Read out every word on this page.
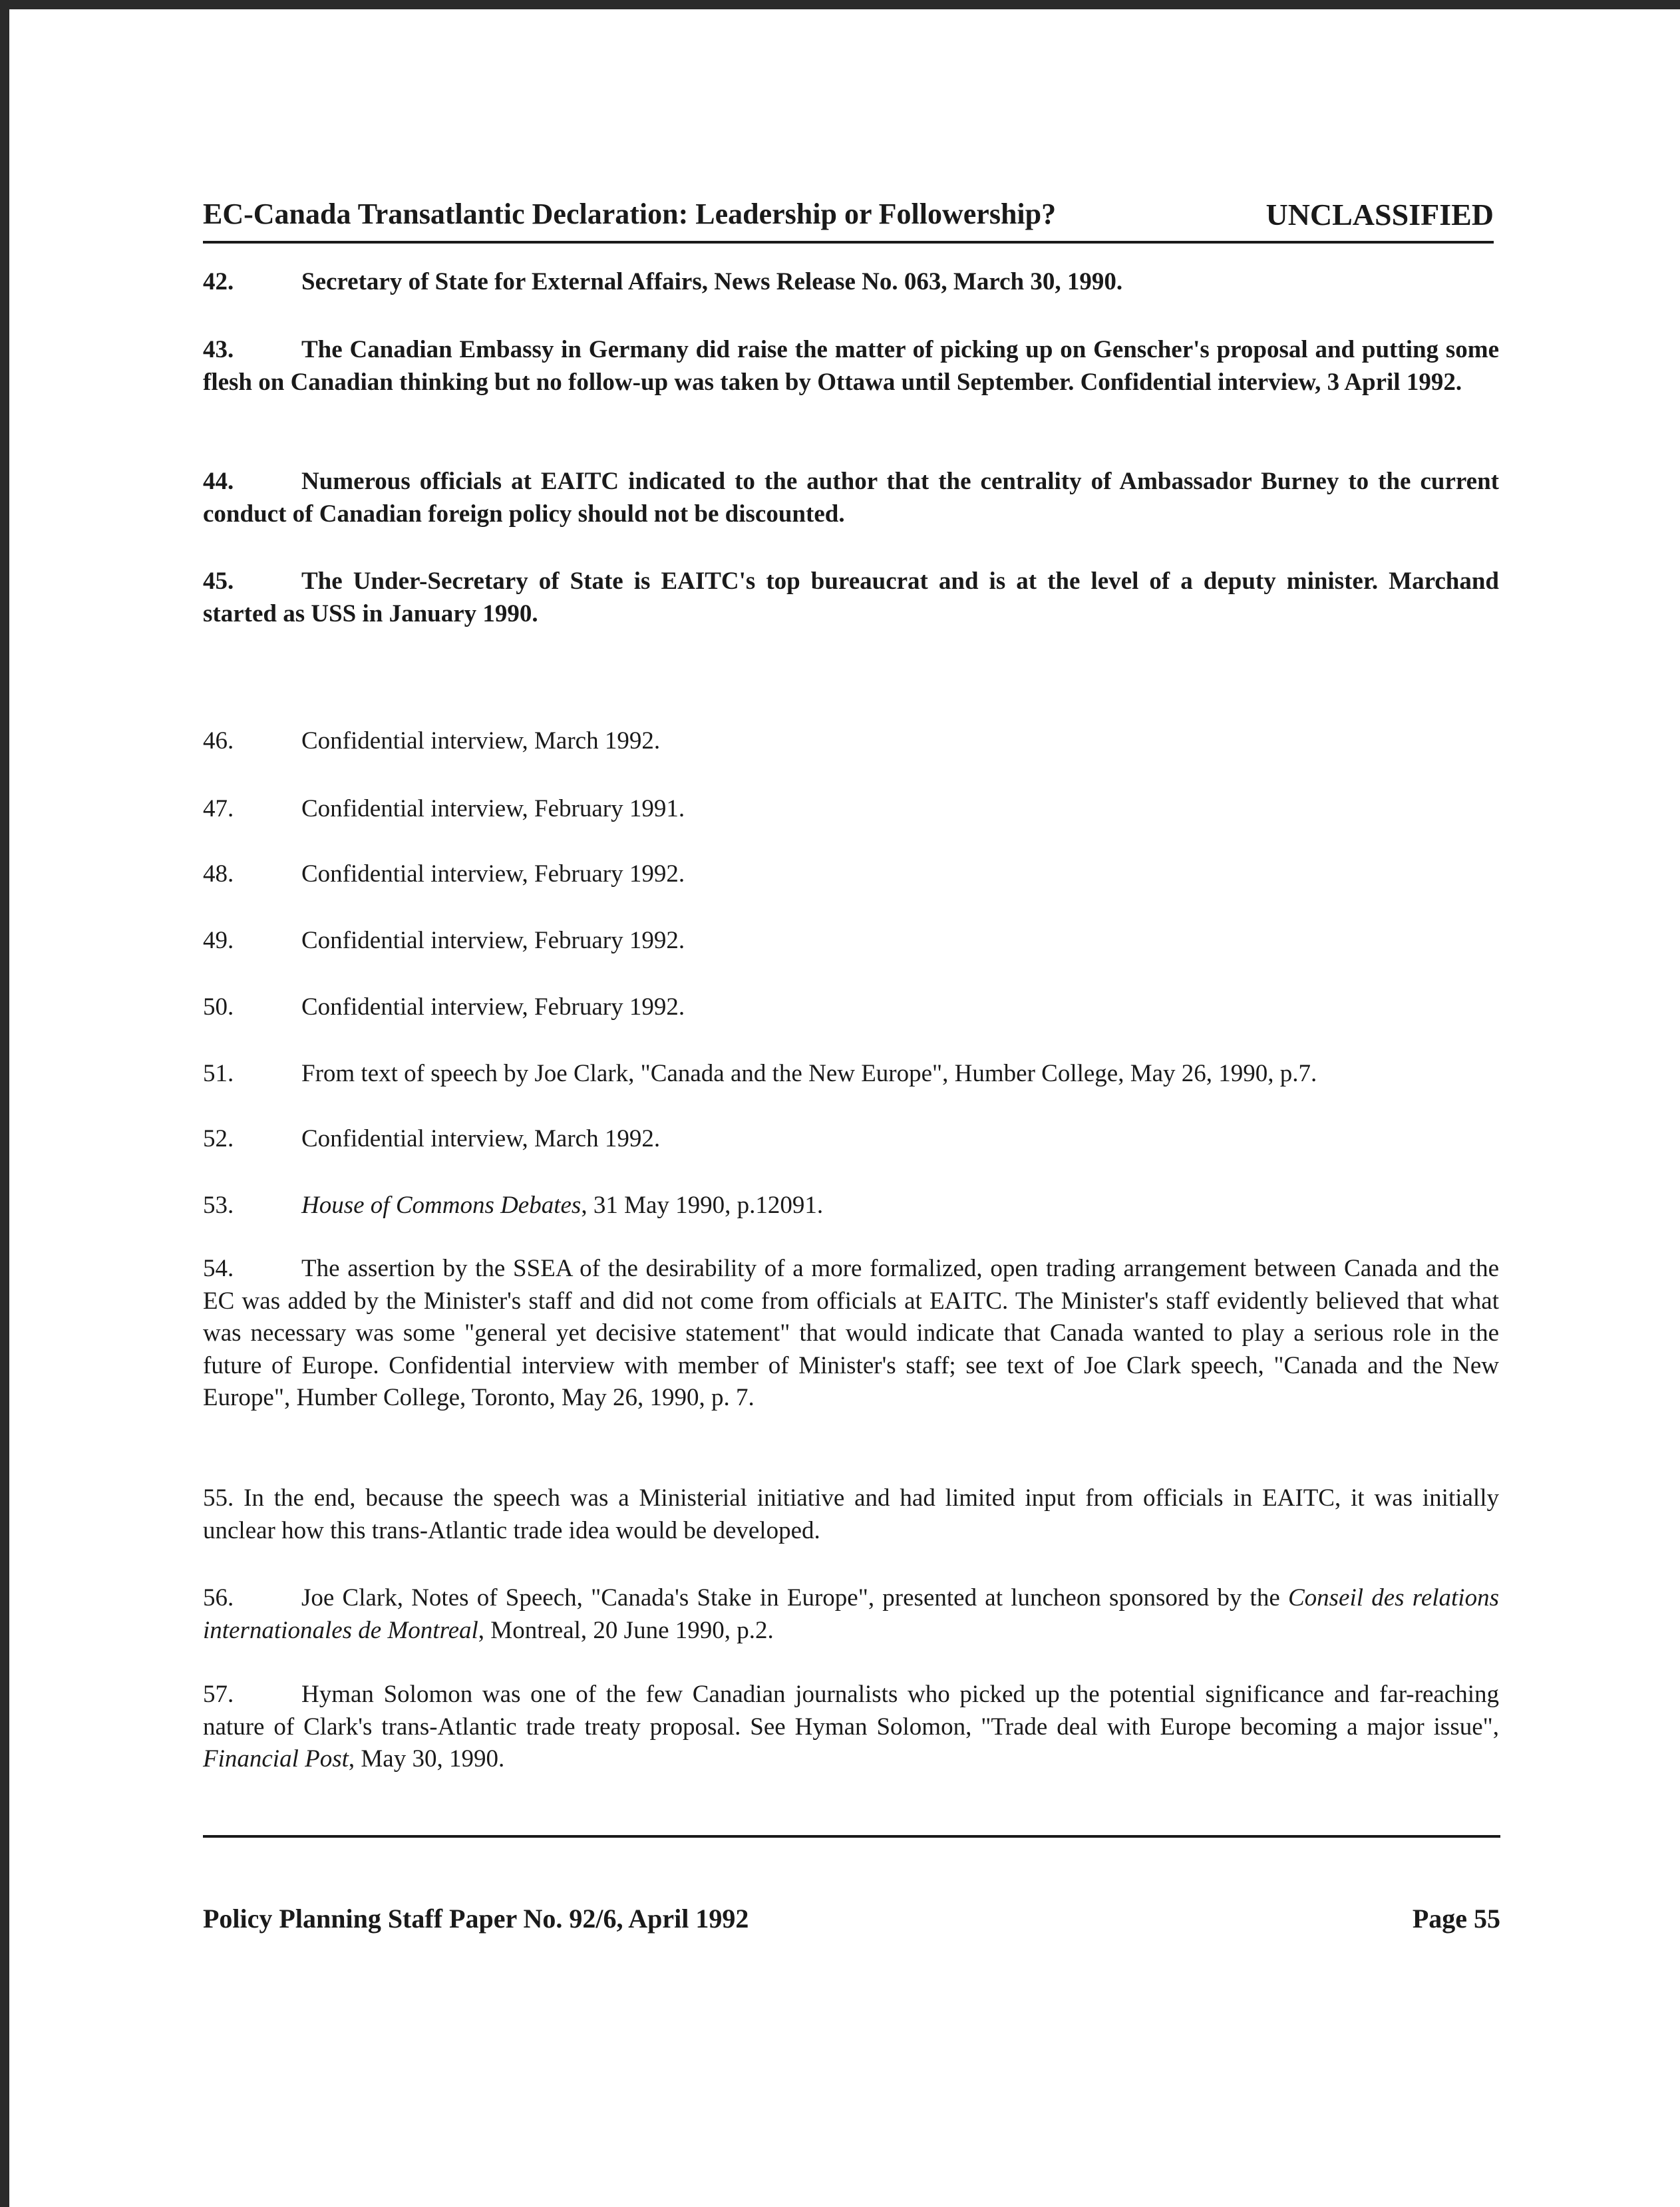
EC-Canada Transatlantic Declaration: Leadership or Followership?	UNCLASSIFIED
42.	Secretary of State for External Affairs, News Release No. 063, March 30, 1990.
43.	The Canadian Embassy in Germany did raise the matter of picking up on Genscher's proposal and putting some flesh on Canadian thinking but no follow-up was taken by Ottawa until September. Confidential interview, 3 April 1992.
44.	Numerous officials at EAITC indicated to the author that the centrality of Ambassador Burney to the current conduct of Canadian foreign policy should not be discounted.
45.	The Under-Secretary of State is EAITC's top bureaucrat and is at the level of a deputy minister. Marchand started as USS in January 1990.
46.	Confidential interview, March 1992.
47.	Confidential interview, February 1991.
48.	Confidential interview, February 1992.
49.	Confidential interview, February 1992.
50.	Confidential interview, February 1992.
51.	From text of speech by Joe Clark, "Canada and the New Europe", Humber College, May 26, 1990, p.7.
52.	Confidential interview, March 1992.
53.	House of Commons Debates, 31 May 1990, p.12091.
54.	The assertion by the SSEA of the desirability of a more formalized, open trading arrangement between Canada and the EC was added by the Minister's staff and did not come from officials at EAITC. The Minister's staff evidently believed that what was necessary was some "general yet decisive statement" that would indicate that Canada wanted to play a serious role in the future of Europe. Confidential interview with member of Minister's staff; see text of Joe Clark speech, "Canada and the New Europe", Humber College, Toronto, May 26, 1990, p. 7.
55. In the end, because the speech was a Ministerial initiative and had limited input from officials in EAITC, it was initially unclear how this trans-Atlantic trade idea would be developed.
56.	Joe Clark, Notes of Speech, "Canada's Stake in Europe", presented at luncheon sponsored by the Conseil des relations internationales de Montreal, Montreal, 20 June 1990, p.2.
57.	Hyman Solomon was one of the few Canadian journalists who picked up the potential significance and far-reaching nature of Clark's trans-Atlantic trade treaty proposal. See Hyman Solomon, "Trade deal with Europe becoming a major issue", Financial Post, May 30, 1990.
Policy Planning Staff Paper No. 92/6, April 1992	Page 55
